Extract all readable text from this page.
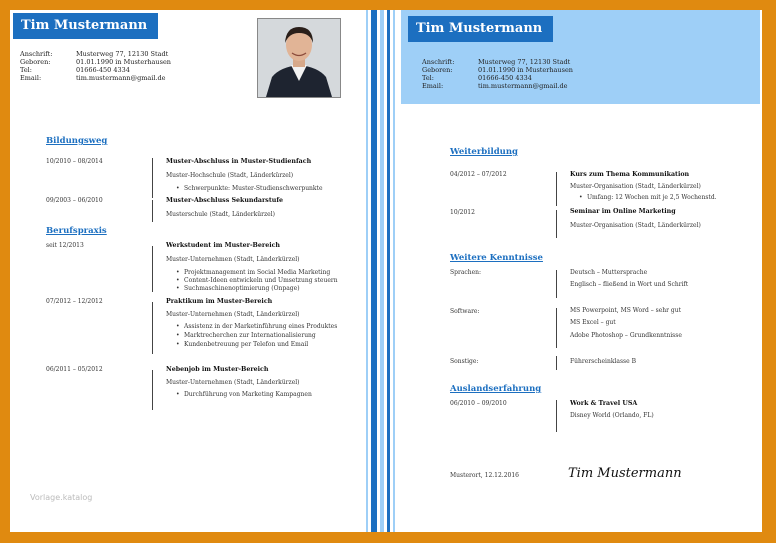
Tim Mustermann
Anschrift:	Musterweg 77, 12130 Stadt
Geboren:	01.01.1990 in Musterhausen
Tel:	01666-450 4334
Email:	tim.mustermann@gmail.de
Bildungsweg
10/2010 – 08/2014	Muster-Abschluss in Muster-Studienfach
Muster-Hochschule (Stadt, Länderkürzel)
• Schwerpunkte: Muster-Studienschwerpunkte
09/2003 – 06/2010	Muster-Abschluss Sekundarstufe
Musterschule (Stadt, Länderkürzel)
Berufspraxis
seit 12/2013	Werkstudent im Muster-Bereich
Muster-Unternehmen (Stadt, Länderkürzel)
• Projektmanagement im Social Media Marketing
• Content-Ideen entwickeln und Umsetzung steuern
• Suchmaschinenoptimierung (Onpage)
07/2012 – 12/2012	Praktikum im Muster-Bereich
Muster-Unternehmen (Stadt, Länderkürzel)
• Assistenz in der Marketinführung eines Produktes
• Marktrecherchen zur Internationalisierung
• Kundenbetreuung per Telefon und Email
06/2011 – 05/2012	Nebenjob im Muster-Bereich
Muster-Unternehmen (Stadt, Länderkürzel)
• Durchführung von Marketing Kampagnen
Vorlage.katalog
Tim Mustermann
Anschrift:	Musterweg 77, 12130 Stadt
Geboren:	01.01.1990 in Musterhausen
Tel:	01666-450 4334
Email:	tim.mustermann@gmail.de
Weiterbildung
04/2012 – 07/2012	Kurs zum Thema Kommunikation
Muster-Organisation (Stadt, Länderkürzel)
• Umfang: 12 Wochen mit je 2,5 Wochenstd.
10/2012	Seminar im Online Marketing
Muster-Organisation (Stadt, Länderkürzel)
Weitere Kenntnisse
Sprachen:	Deutsch – Muttersprache
Englisch – fließend in Wort und Schrift
Software:	MS Powerpoint, MS Word – sehr gut
MS Excel – gut
Adobe Photoshop – Grundkenntnisse
Sonstige:	Führerscheinklasse B
Auslandserfahrung
06/2010 – 09/2010	Work & Travel USA
Disney World (Orlando, FL)
Musterort, 12.12.2016	Tim Mustermann
